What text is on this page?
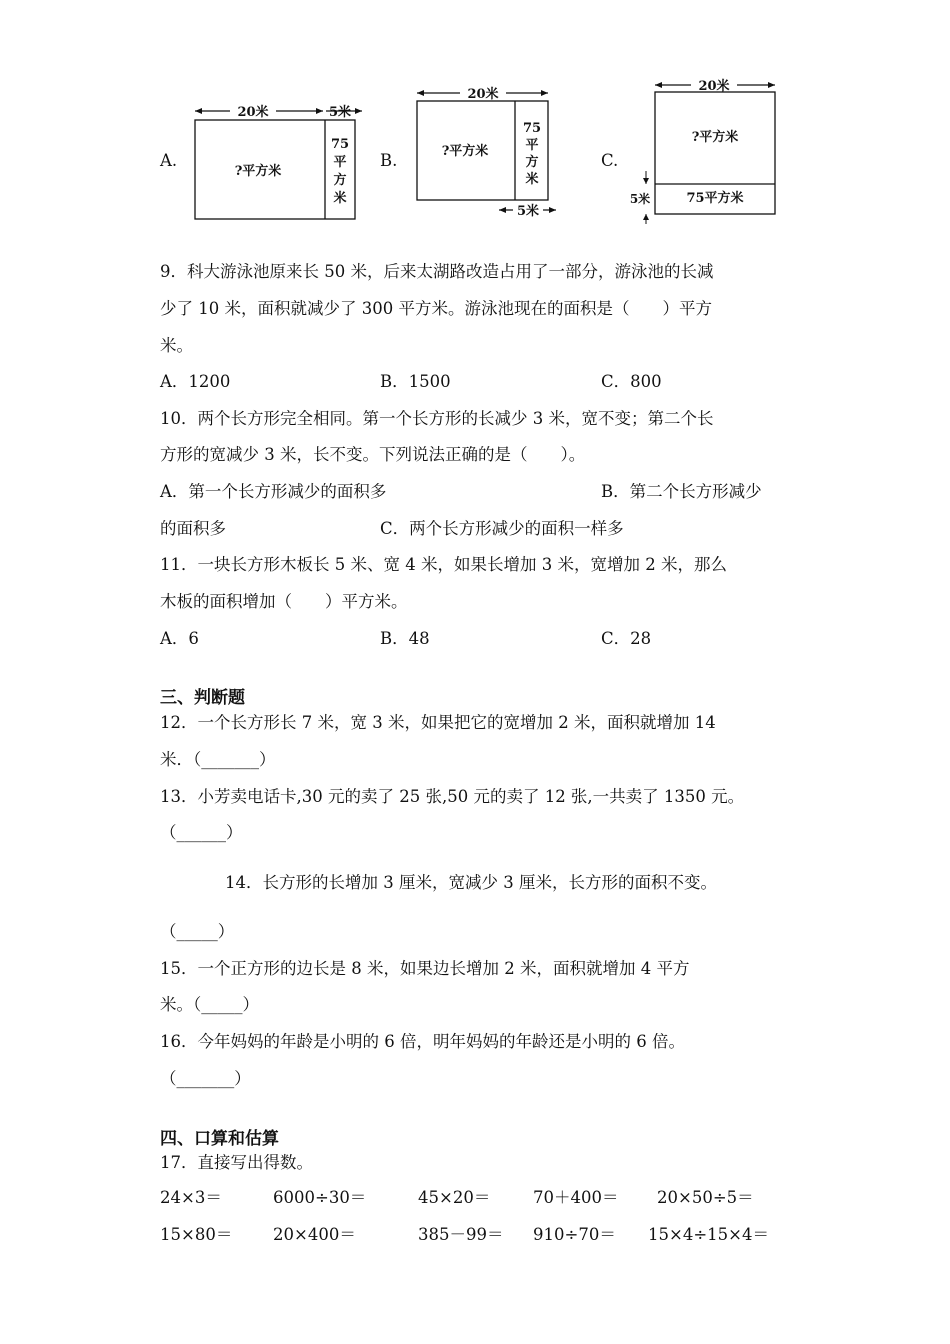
A.
20米	5米
?平方米
75
平
方
米
B.
20米
?平方米
75
平
方
米
5米
C.
20米
?平方米
75平方米
5米
9．科大游泳池原来长 50 米，后来太湖路改造占用了一部分，游泳池的长减
少了 10 米，面积就减少了 300 平方米。游泳池现在的面积是（　　）平方
米。
A．1200	B．1500	C．800
10．两个长方形完全相同。第一个长方形的长减少 3 米，宽不变；第二个长
方形的宽减少 3 米，长不变。下列说法正确的是（　　）。
A．第一个长方形减少的面积多	B．第二个长方形减少
的面积多	C．两个长方形减少的面积一样多
11．一块长方形木板长 5 米、宽 4 米，如果长增加 3 米，宽增加 2 米，那么
木板的面积增加（　　）平方米。
A．6	B．48	C．28
三、判断题
12．一个长方形长 7 米，宽 3 米，如果把它的宽增加 2 米，面积就增加 14
米．（_______）
13．小芳卖电话卡,30 元的卖了 25 张,50 元的卖了 12 张,一共卖了 1350 元。
（______）
14．长方形的长增加 3 厘米，宽减少 3 厘米，长方形的面积不变。
（_____）
15．一个正方形的边长是 8 米，如果边长增加 2 米，面积就增加 4 平方
米。（_____）
16．今年妈妈的年龄是小明的 6 倍，明年妈妈的年龄还是小明的 6 倍。
（_______）
四、口算和估算
17．直接写出得数。
24×3＝	6000÷30＝	45×20＝	70＋400＝ 20×50÷5＝
15×80＝ 20×400＝	385－99＝ 910÷70＝ 15×4÷15×4＝
